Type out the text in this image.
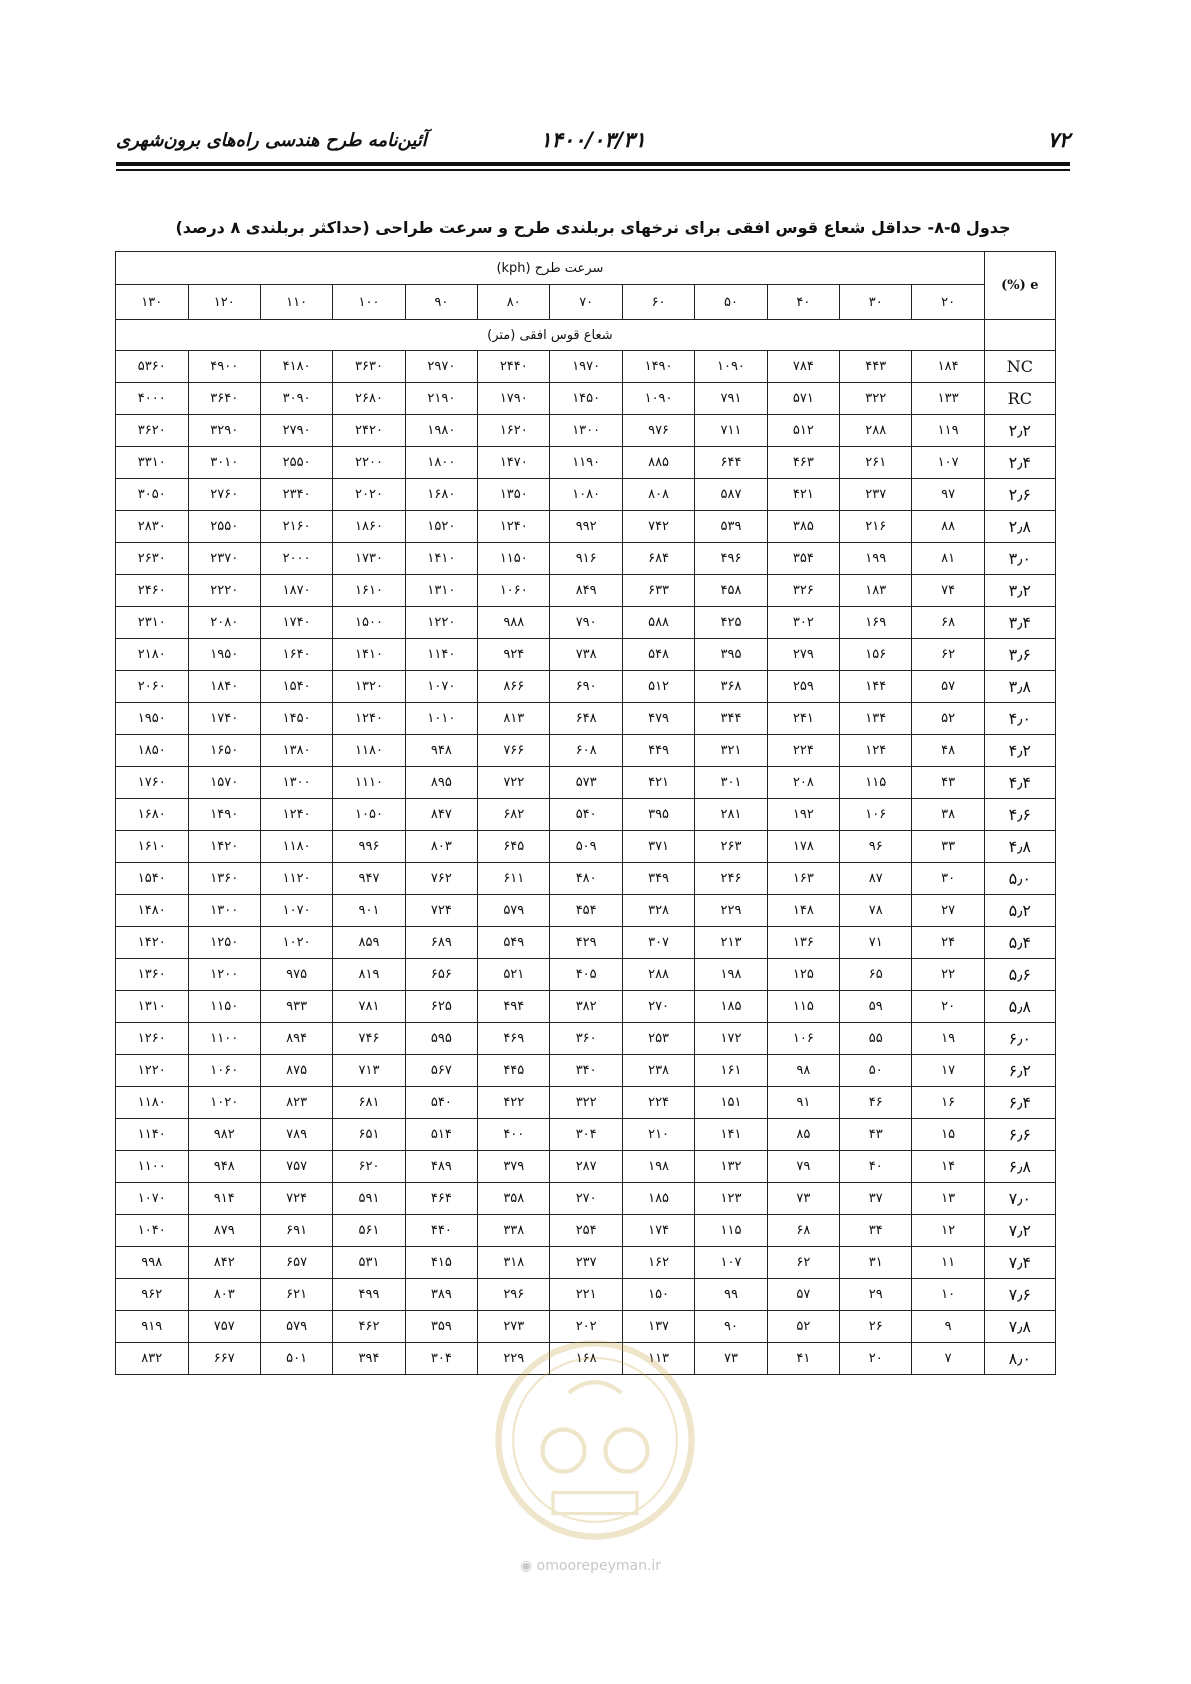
۷۲
۱۴۰۰/۰۳/۳۱
آئین‌نامه طرح هندسی راه‌های برون‌شهری
جدول ۵-۸- حداقل شعاع قوس افقی برای نرخهای بربلندی طرح و سرعت طراحی (حداکثر بربلندی ۸ درصد)
e (%)	سرعت طرح (kph)											
	۲۰	۳۰	۴۰	۵۰	۶۰	۷۰	۸۰	۹۰	۱۰۰	۱۱۰	۱۲۰	۱۳۰
	شعاع قوس افقی (متر)											
NC	۱۸۴	۴۴۳	۷۸۴	۱۰۹۰	۱۴۹۰	۱۹۷۰	۲۴۴۰	۲۹۷۰	۳۶۳۰	۴۱۸۰	۴۹۰۰	۵۳۶۰
RC	۱۳۳	۳۲۲	۵۷۱	۷۹۱	۱۰۹۰	۱۴۵۰	۱۷۹۰	۲۱۹۰	۲۶۸۰	۳۰۹۰	۳۶۴۰	۴۰۰۰
۲٫۲	۱۱۹	۲۸۸	۵۱۲	۷۱۱	۹۷۶	۱۳۰۰	۱۶۲۰	۱۹۸۰	۲۴۲۰	۲۷۹۰	۳۲۹۰	۳۶۲۰
۲٫۴	۱۰۷	۲۶۱	۴۶۳	۶۴۴	۸۸۵	۱۱۹۰	۱۴۷۰	۱۸۰۰	۲۲۰۰	۲۵۵۰	۳۰۱۰	۳۳۱۰
۲٫۶	۹۷	۲۳۷	۴۲۱	۵۸۷	۸۰۸	۱۰۸۰	۱۳۵۰	۱۶۸۰	۲۰۲۰	۲۳۴۰	۲۷۶۰	۳۰۵۰
۲٫۸	۸۸	۲۱۶	۳۸۵	۵۳۹	۷۴۲	۹۹۲	۱۲۴۰	۱۵۲۰	۱۸۶۰	۲۱۶۰	۲۵۵۰	۲۸۳۰
۳٫۰	۸۱	۱۹۹	۳۵۴	۴۹۶	۶۸۴	۹۱۶	۱۱۵۰	۱۴۱۰	۱۷۳۰	۲۰۰۰	۲۳۷۰	۲۶۳۰
۳٫۲	۷۴	۱۸۳	۳۲۶	۴۵۸	۶۳۳	۸۴۹	۱۰۶۰	۱۳۱۰	۱۶۱۰	۱۸۷۰	۲۲۲۰	۲۴۶۰
۳٫۴	۶۸	۱۶۹	۳۰۲	۴۲۵	۵۸۸	۷۹۰	۹۸۸	۱۲۲۰	۱۵۰۰	۱۷۴۰	۲۰۸۰	۲۳۱۰
۳٫۶	۶۲	۱۵۶	۲۷۹	۳۹۵	۵۴۸	۷۳۸	۹۲۴	۱۱۴۰	۱۴۱۰	۱۶۴۰	۱۹۵۰	۲۱۸۰
۳٫۸	۵۷	۱۴۴	۲۵۹	۳۶۸	۵۱۲	۶۹۰	۸۶۶	۱۰۷۰	۱۳۲۰	۱۵۴۰	۱۸۴۰	۲۰۶۰
۴٫۰	۵۲	۱۳۴	۲۴۱	۳۴۴	۴۷۹	۶۴۸	۸۱۳	۱۰۱۰	۱۲۴۰	۱۴۵۰	۱۷۴۰	۱۹۵۰
۴٫۲	۴۸	۱۲۴	۲۲۴	۳۲۱	۴۴۹	۶۰۸	۷۶۶	۹۴۸	۱۱۸۰	۱۳۸۰	۱۶۵۰	۱۸۵۰
۴٫۴	۴۳	۱۱۵	۲۰۸	۳۰۱	۴۲۱	۵۷۳	۷۲۲	۸۹۵	۱۱۱۰	۱۳۰۰	۱۵۷۰	۱۷۶۰
۴٫۶	۳۸	۱۰۶	۱۹۲	۲۸۱	۳۹۵	۵۴۰	۶۸۲	۸۴۷	۱۰۵۰	۱۲۴۰	۱۴۹۰	۱۶۸۰
۴٫۸	۳۳	۹۶	۱۷۸	۲۶۳	۳۷۱	۵۰۹	۶۴۵	۸۰۳	۹۹۶	۱۱۸۰	۱۴۲۰	۱۶۱۰
۵٫۰	۳۰	۸۷	۱۶۳	۲۴۶	۳۴۹	۴۸۰	۶۱۱	۷۶۲	۹۴۷	۱۱۲۰	۱۳۶۰	۱۵۴۰
۵٫۲	۲۷	۷۸	۱۴۸	۲۲۹	۳۲۸	۴۵۴	۵۷۹	۷۲۴	۹۰۱	۱۰۷۰	۱۳۰۰	۱۴۸۰
۵٫۴	۲۴	۷۱	۱۳۶	۲۱۳	۳۰۷	۴۲۹	۵۴۹	۶۸۹	۸۵۹	۱۰۲۰	۱۲۵۰	۱۴۲۰
۵٫۶	۲۲	۶۵	۱۲۵	۱۹۸	۲۸۸	۴۰۵	۵۲۱	۶۵۶	۸۱۹	۹۷۵	۱۲۰۰	۱۳۶۰
۵٫۸	۲۰	۵۹	۱۱۵	۱۸۵	۲۷۰	۳۸۲	۴۹۴	۶۲۵	۷۸۱	۹۳۳	۱۱۵۰	۱۳۱۰
۶٫۰	۱۹	۵۵	۱۰۶	۱۷۲	۲۵۳	۳۶۰	۴۶۹	۵۹۵	۷۴۶	۸۹۴	۱۱۰۰	۱۲۶۰
۶٫۲	۱۷	۵۰	۹۸	۱۶۱	۲۳۸	۳۴۰	۴۴۵	۵۶۷	۷۱۳	۸۷۵	۱۰۶۰	۱۲۲۰
۶٫۴	۱۶	۴۶	۹۱	۱۵۱	۲۲۴	۳۲۲	۴۲۲	۵۴۰	۶۸۱	۸۲۳	۱۰۲۰	۱۱۸۰
۶٫۶	۱۵	۴۳	۸۵	۱۴۱	۲۱۰	۳۰۴	۴۰۰	۵۱۴	۶۵۱	۷۸۹	۹۸۲	۱۱۴۰
۶٫۸	۱۴	۴۰	۷۹	۱۳۲	۱۹۸	۲۸۷	۳۷۹	۴۸۹	۶۲۰	۷۵۷	۹۴۸	۱۱۰۰
۷٫۰	۱۳	۳۷	۷۳	۱۲۳	۱۸۵	۲۷۰	۳۵۸	۴۶۴	۵۹۱	۷۲۴	۹۱۴	۱۰۷۰
۷٫۲	۱۲	۳۴	۶۸	۱۱۵	۱۷۴	۲۵۴	۳۳۸	۴۴۰	۵۶۱	۶۹۱	۸۷۹	۱۰۴۰
۷٫۴	۱۱	۳۱	۶۲	۱۰۷	۱۶۲	۲۳۷	۳۱۸	۴۱۵	۵۳۱	۶۵۷	۸۴۲	۹۹۸
۷٫۶	۱۰	۲۹	۵۷	۹۹	۱۵۰	۲۲۱	۲۹۶	۳۸۹	۴۹۹	۶۲۱	۸۰۳	۹۶۲
۷٫۸	۹	۲۶	۵۲	۹۰	۱۳۷	۲۰۲	۲۷۳	۳۵۹	۴۶۲	۵۷۹	۷۵۷	۹۱۹
۸٫۰	۷	۲۰	۴۱	۷۳	۱۱۳	۱۶۸	۲۲۹	۳۰۴	۳۹۴	۵۰۱	۶۶۷	۸۳۲
◉ omoorepeyman.ir
